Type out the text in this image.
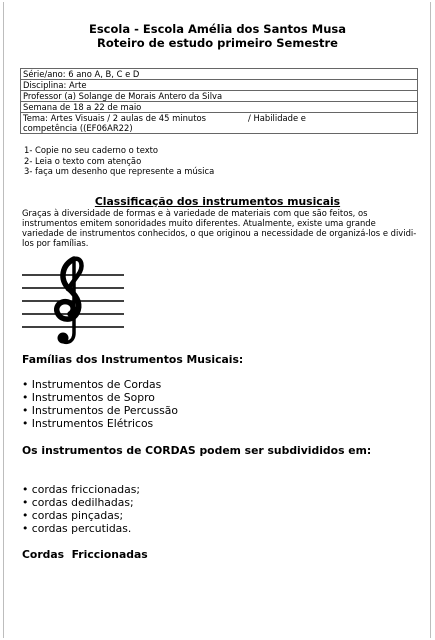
Escola - Escola Amélia dos Santos Musa
Roteiro de estudo primeiro Semestre
Série/ano: 6 ano A, B, C e D
Disciplina: Arte
Professor (a) Solange de Morais Antero da Silva
Semana de 18 a 22 de maio
Tema: Artes Visuais / 2 aulas de 45 minutos	/ Habilidade e
competência ((EF06AR22)
1- Copie no seu caderno o texto
2- Leia o texto com atenção
3- faça um desenho que represente a música
Classificação dos instrumentos musicais
Graças à diversidade de formas e à variedade de materiais com que são feitos, os instrumentos emitem sonoridades muito diferentes. Atualmente, existe uma grande variedade de instrumentos conhecidos, o que originou a necessidade de organizá-los e dividi-los por famílias.
Famílias dos Instrumentos Musicais:
• Instrumentos de Cordas
• Instrumentos de Sopro
• Instrumentos de Percussão
• Instrumentos Elétricos
Os instrumentos de CORDAS podem ser subdivididos em:
• cordas friccionadas;
• cordas dedilhadas;
• cordas pinçadas;
• cordas percutidas.
Cordas  Friccionadas
